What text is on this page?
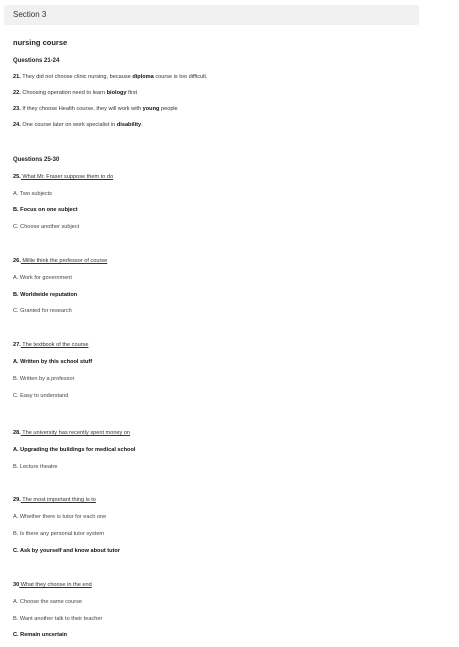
Section 3
nursing course
Questions 21-24
21. They did not choose clinic nursing, because diploma course is too difficult.
22. Choosing operation need to learn biology first
23. If they choose Health course, they will work with young people
24. One course later on work specialist in disability.
Questions 25-30
25. What Mr. Fraser suppose them to do
A. Two subjects
B. Focus on one subject
C. Choose another subject
26. Millie think the professor of course
A. Work for government
B. Worldwide reputation
C. Granted for research
27. The textbook of the course
A. Written by this school stuff
B. Written by a professor
C. Easy to understand
28. The university has recently spent money on
A. Upgrading the buildings for medical school
B. Lecture theatre
29. The most important thing is to
A. Whether there is tutor for each one
B. Is there any personal tutor system
C. Ask by yourself and know about tutor
30 What they choose in the end
A. Choose the same course
B. Want another talk to their teacher
C. Remain uncertain
